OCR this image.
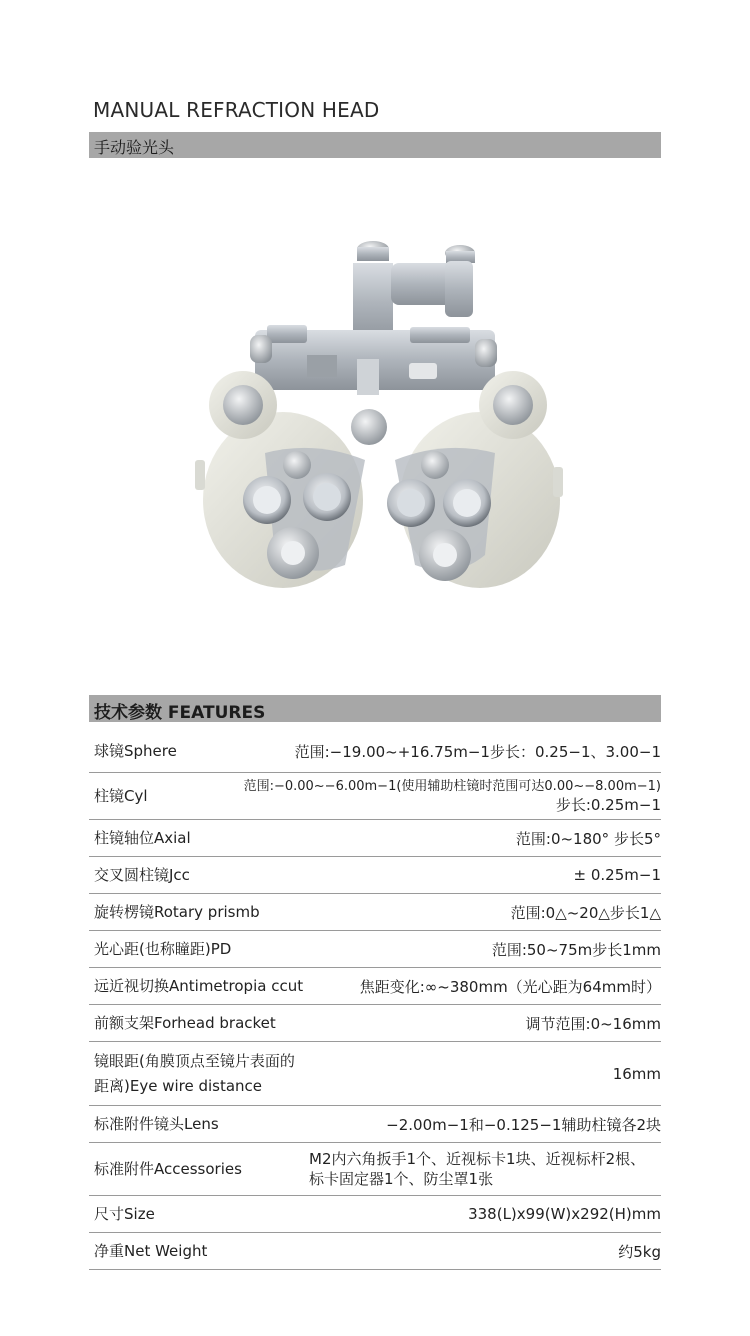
MANUAL REFRACTION HEAD
手动验光头
技术参数 FEATURES
球镜Sphere	范围:−19.00~+16.75m−1步长：0.25−1、3.00−1
柱镜Cyl	范围:−0.00~−6.00m−1(使用辅助柱镜时范围可达0.00~−8.00m−1)
步长:0.25m−1
柱镜轴位Axial	范围:0~180° 步长5°
交叉圆柱镜Jcc	± 0.25m−1
旋转楞镜Rotary prismb	范围:0△~20△步长1△
光心距(也称瞳距)PD	范围:50~75m步长1mm
远近视切换Antimetropia ccut	焦距变化:∞~380mm（光心距为64mm时）
前额支架Forhead bracket	调节范围:0~16mm
镜眼距(角膜顶点至镜片表面的
距离)Eye wire distance
16mm
标准附件镜头Lens	−2.00m−1和−0.125−1辅助柱镜各2块
标准附件Accessories
M2内六角扳手1个、近视标卡1块、近视标杆2根、
标卡固定器1个、防尘罩1张
尺寸Size	338(L)x99(W)x292(H)mm
净重Net Weight	约5kg
